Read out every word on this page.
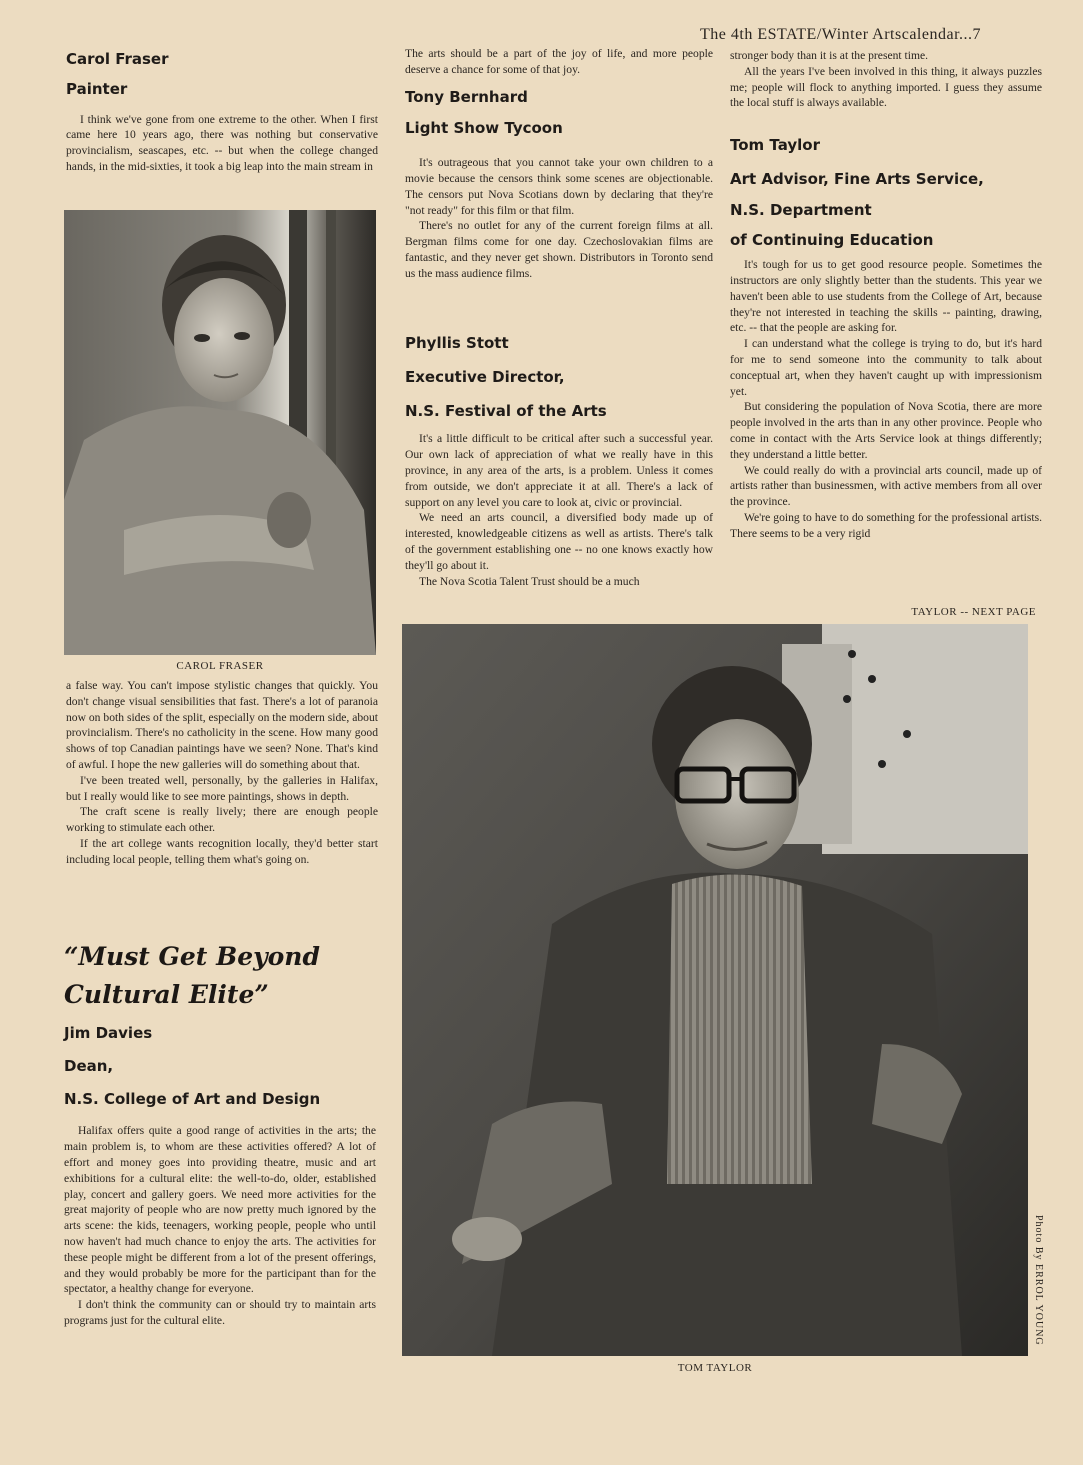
The 4th ESTATE/Winter Artscalendar...7
Carol Fraser
Painter

I think we've gone from one extreme to the other. When I first came here 10 years ago, there was nothing but conservative provincialism, seascapes, etc. -- but when the college changed hands, in the mid-sixties, it took a big leap into the main stream in

CAROL FRASER

a false way. You can't impose stylistic changes that quickly. You don't change visual sensibilities that fast. There's a lot of paranoia now on both sides of the split, especially on the modern side, about provincialism. There's no catholicity in the scene. How many good shows of top Canadian paintings have we seen? None. That's kind of awful. I hope the new galleries will do something about that.

I've been treated well, personally, by the galleries in Halifax, but I really would like to see more paintings, shows in depth.

The craft scene is really lively; there are enough people working to stimulate each other.

If the art college wants recognition locally, they'd better start including local people, telling them what's going on.

“Must Get Beyond
Cultural Elite”
Jim Davies
Dean,
N.S. College of Art and Design

Halifax offers quite a good range of activities in the arts; the main problem is, to whom are these activities offered? A lot of effort and money goes into providing theatre, music and art exhibitions for a cultural elite: the well-to-do, older, established play, concert and gallery goers. We need more activities for the great majority of people who are now pretty much ignored by the arts scene: the kids, teenagers, working people, people who until now haven't had much chance to enjoy the arts. The activities for these people might be different from a lot of the present offerings, and they would probably be more for the participant than for the spectator, a healthy change for everyone.

I don't think the community can or should try to maintain arts programs just for the cultural elite.

The arts should be a part of the joy of life, and more people deserve a chance for some of that joy.

Tony Bernhard
Light Show Tycoon

It's outrageous that you cannot take your own children to a movie because the censors think some scenes are objectionable. The censors put Nova Scotians down by declaring that they're "not ready" for this film or that film.

There's no outlet for any of the current foreign films at all. Bergman films come for one day. Czechoslovakian films are fantastic, and they never get shown. Distributors in Toronto send us the mass audience films.

Phyllis Stott
Executive Director,
N.S. Festival of the Arts

It's a little difficult to be critical after such a successful year. Our own lack of appreciation of what we really have in this province, in any area of the arts, is a problem. Unless it comes from outside, we don't appreciate it at all. There's a lack of support on any level you care to look at, civic or provincial.

We need an arts council, a diversified body made up of interested, knowledgeable citizens as well as artists. There's talk of the government establishing one -- no one knows exactly how they'll go about it.

The Nova Scotia Talent Trust should be a much

stronger body than it is at the present time.

All the years I've been involved in this thing, it always puzzles me; people will flock to anything imported. I guess they assume the local stuff is always available.

Tom Taylor
Art Advisor, Fine Arts Service,
N.S. Department
of Continuing Education

It's tough for us to get good resource people. Sometimes the instructors are only slightly better than the students. This year we haven't been able to use students from the College of Art, because they're not interested in teaching the skills -- painting, drawing, etc. -- that the people are asking for.

I can understand what the college is trying to do, but it's hard for me to send someone into the community to talk about conceptual art, when they haven't caught up with impressionism yet.

But considering the population of Nova Scotia, there are more people involved in the arts than in any other province. People who come in contact with the Arts Service look at things differently; they understand a little better.

We could really do with a provincial arts council, made up of artists rather than businessmen, with active members from all over the province.

We're going to have to do something for the professional artists. There seems to be a very rigid

TAYLOR -- NEXT PAGE
Photo By ERROL YOUNG
TOM TAYLOR
